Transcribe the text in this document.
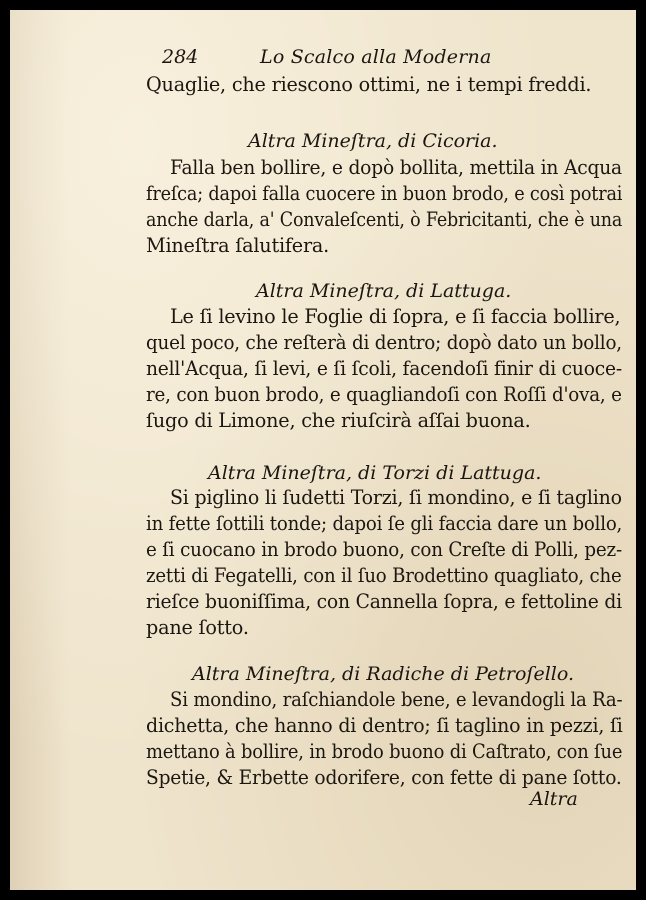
284	Lo Scalco alla Moderna
Quaglie, che riescono ottimi, ne i tempi freddi.
Altra Mineſtra, di Cicoria.
Falla ben bollire, e dopò bollita, mettila in Acqua
freſca; dapoi falla cuocere in buon brodo, e così potrai
anche darla, a' Convaleſcenti, ò Febricitanti, che è una
Mineſtra ſalutifera.
Altra Mineſtra, di Lattuga.
Le ſi levino le Foglie di ſopra, e ſi faccia bollire,
quel poco, che reſterà di dentro; dopò dato un bollo,
nell'Acqua, ſi levi, e ſi ſcoli, facendoſi finir di cuoce-
re, con buon brodo, e quagliandoſi con Roſſi d'ova, e
ſugo di Limone, che riuſcirà aſſai buona.
Altra Mineſtra, di Torzi di Lattuga.
Si piglino li ſudetti Torzi, ſi mondino, e ſi taglino
in fette ſottili tonde; dapoi ſe gli faccia dare un bollo,
e ſi cuocano in brodo buono, con Creſte di Polli, pez-
zetti di Fegatelli, con il ſuo Brodettino quagliato, che
rieſce buoniſſima, con Cannella ſopra, e fettoline di
pane ſotto.
Altra Mineſtra, di Radiche di Petroſello.
Si mondino, raſchiandole bene, e levandogli la Ra-
dichetta, che hanno di dentro; ſi taglino in pezzi, ſi
mettano à bollire, in brodo buono di Caſtrato, con ſue
Spetie, & Erbette odorifere, con fette di pane ſotto.
Altra
